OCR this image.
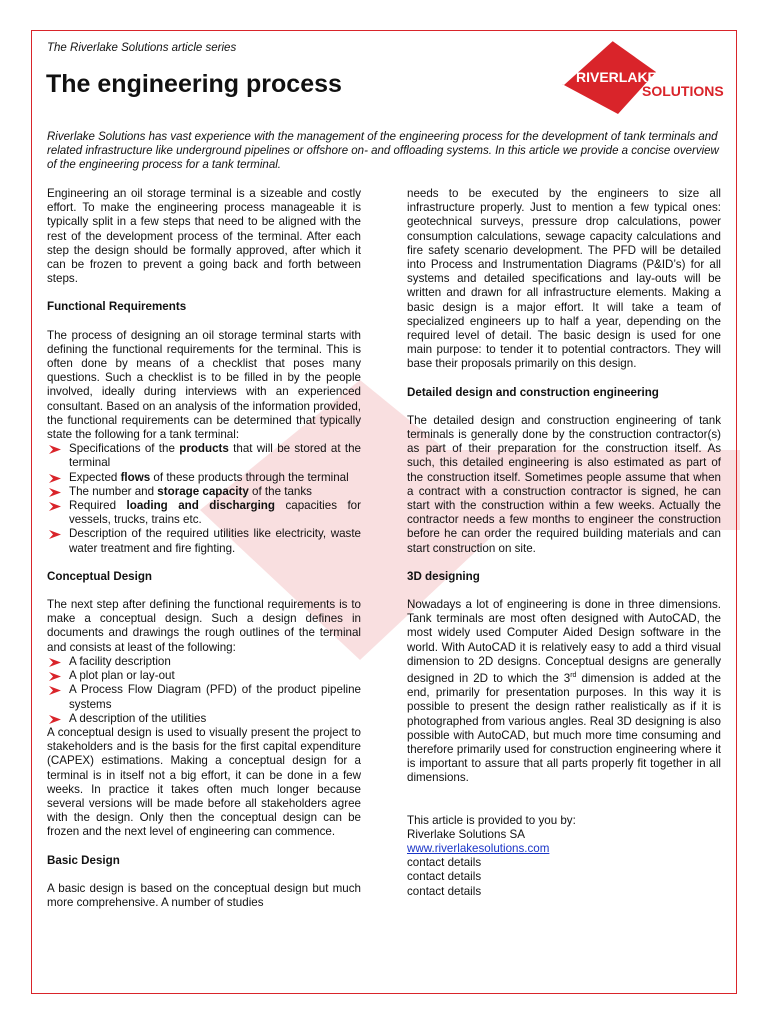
The Riverlake Solutions article series
The engineering process	RIVERLAKE
SOLUTIONS

Riverlake Solutions has vast experience with the management of the engineering process for the development of tank terminals and related infrastructure like underground pipelines or offshore on- and offloading systems. In this article we provide a concise overview of the engineering process for a tank terminal.

Engineering an oil storage terminal is a sizeable and costly effort. To make the engineering process manageable it is typically split in a few steps that need to be aligned with the rest of the development process of the terminal. After each step the design should be formally approved, after which it can be frozen to prevent a going back and forth between steps.

Functional Requirements

The process of designing an oil storage terminal starts with defining the functional requirements for the terminal. This is often done by means of a checklist that poses many questions. Such a checklist is to be filled in by the people involved, ideally during interviews with an experienced consultant. Based on an analysis of the information provided, the functional requirements can be determined that typically state the following for a tank terminal:

Specifications of the products that will be stored at the terminal
Expected flows of these products through the terminal
The number and storage capacity of the tanks
Required loading and discharging capacities for vessels, trucks, trains etc.
Description of the required utilities like electricity, waste water treatment and fire fighting.
Conceptual Design

The next step after defining the functional requirements is to make a conceptual design. Such a design defines in documents and drawings the rough outlines of the terminal and consists at least of the following:

A facility description
A plot plan or lay-out
A Process Flow Diagram (PFD) of the product pipeline systems
A description of the utilities

A conceptual design is used to visually present the project to stakeholders and is the basis for the first capital expenditure (CAPEX) estimations. Making a conceptual design for a terminal is in itself not a big effort, it can be done in a few weeks. In practice it takes often much longer because several versions will be made before all stakeholders agree with the design. Only then the conceptual design can be frozen and the next level of engineering can commence.

Basic Design

A basic design is based on the conceptual design but much more comprehensive. A number of studies

needs to be executed by the engineers to size all infrastructure properly. Just to mention a few typical ones: geotechnical surveys, pressure drop calculations, power consumption calculations, sewage capacity calculations and fire safety scenario development. The PFD will be detailed into Process and Instrumentation Diagrams (P&ID’s) for all systems and detailed specifications and lay-outs will be written and drawn for all infrastructure elements. Making a basic design is a major effort. It will take a team of specialized engineers up to half a year, depending on the required level of detail. The basic design is used for one main purpose: to tender it to potential contractors. They will base their proposals primarily on this design.

Detailed design and construction engineering

The detailed design and construction engineering of tank terminals is generally done by the construction contractor(s) as part of their preparation for the construction itself. As such, this detailed engineering is also estimated as part of the construction itself. Sometimes people assume that when a contract with a construction contractor is signed, he can start with the construction within a few weeks. Actually the contractor needs a few months to engineer the construction before he can order the required building materials and can start construction on site.

3D designing

Nowadays a lot of engineering is done in three dimensions. Tank terminals are most often designed with AutoCAD, the most widely used Computer Aided Design software in the world. With AutoCAD it is relatively easy to add a third visual dimension to 2D designs. Conceptual designs are generally designed in 2D to which the 3rd dimension is added at the end, primarily for presentation purposes. In this way it is possible to present the design rather realistically as if it is photographed from various angles. Real 3D designing is also possible with AutoCAD, but much more time consuming and therefore primarily used for construction engineering where it is important to assure that all parts properly fit together in all dimensions.

This article is provided to you by:

Riverlake Solutions SA

www.riverlakesolutions.com

contact details

contact details

contact details
